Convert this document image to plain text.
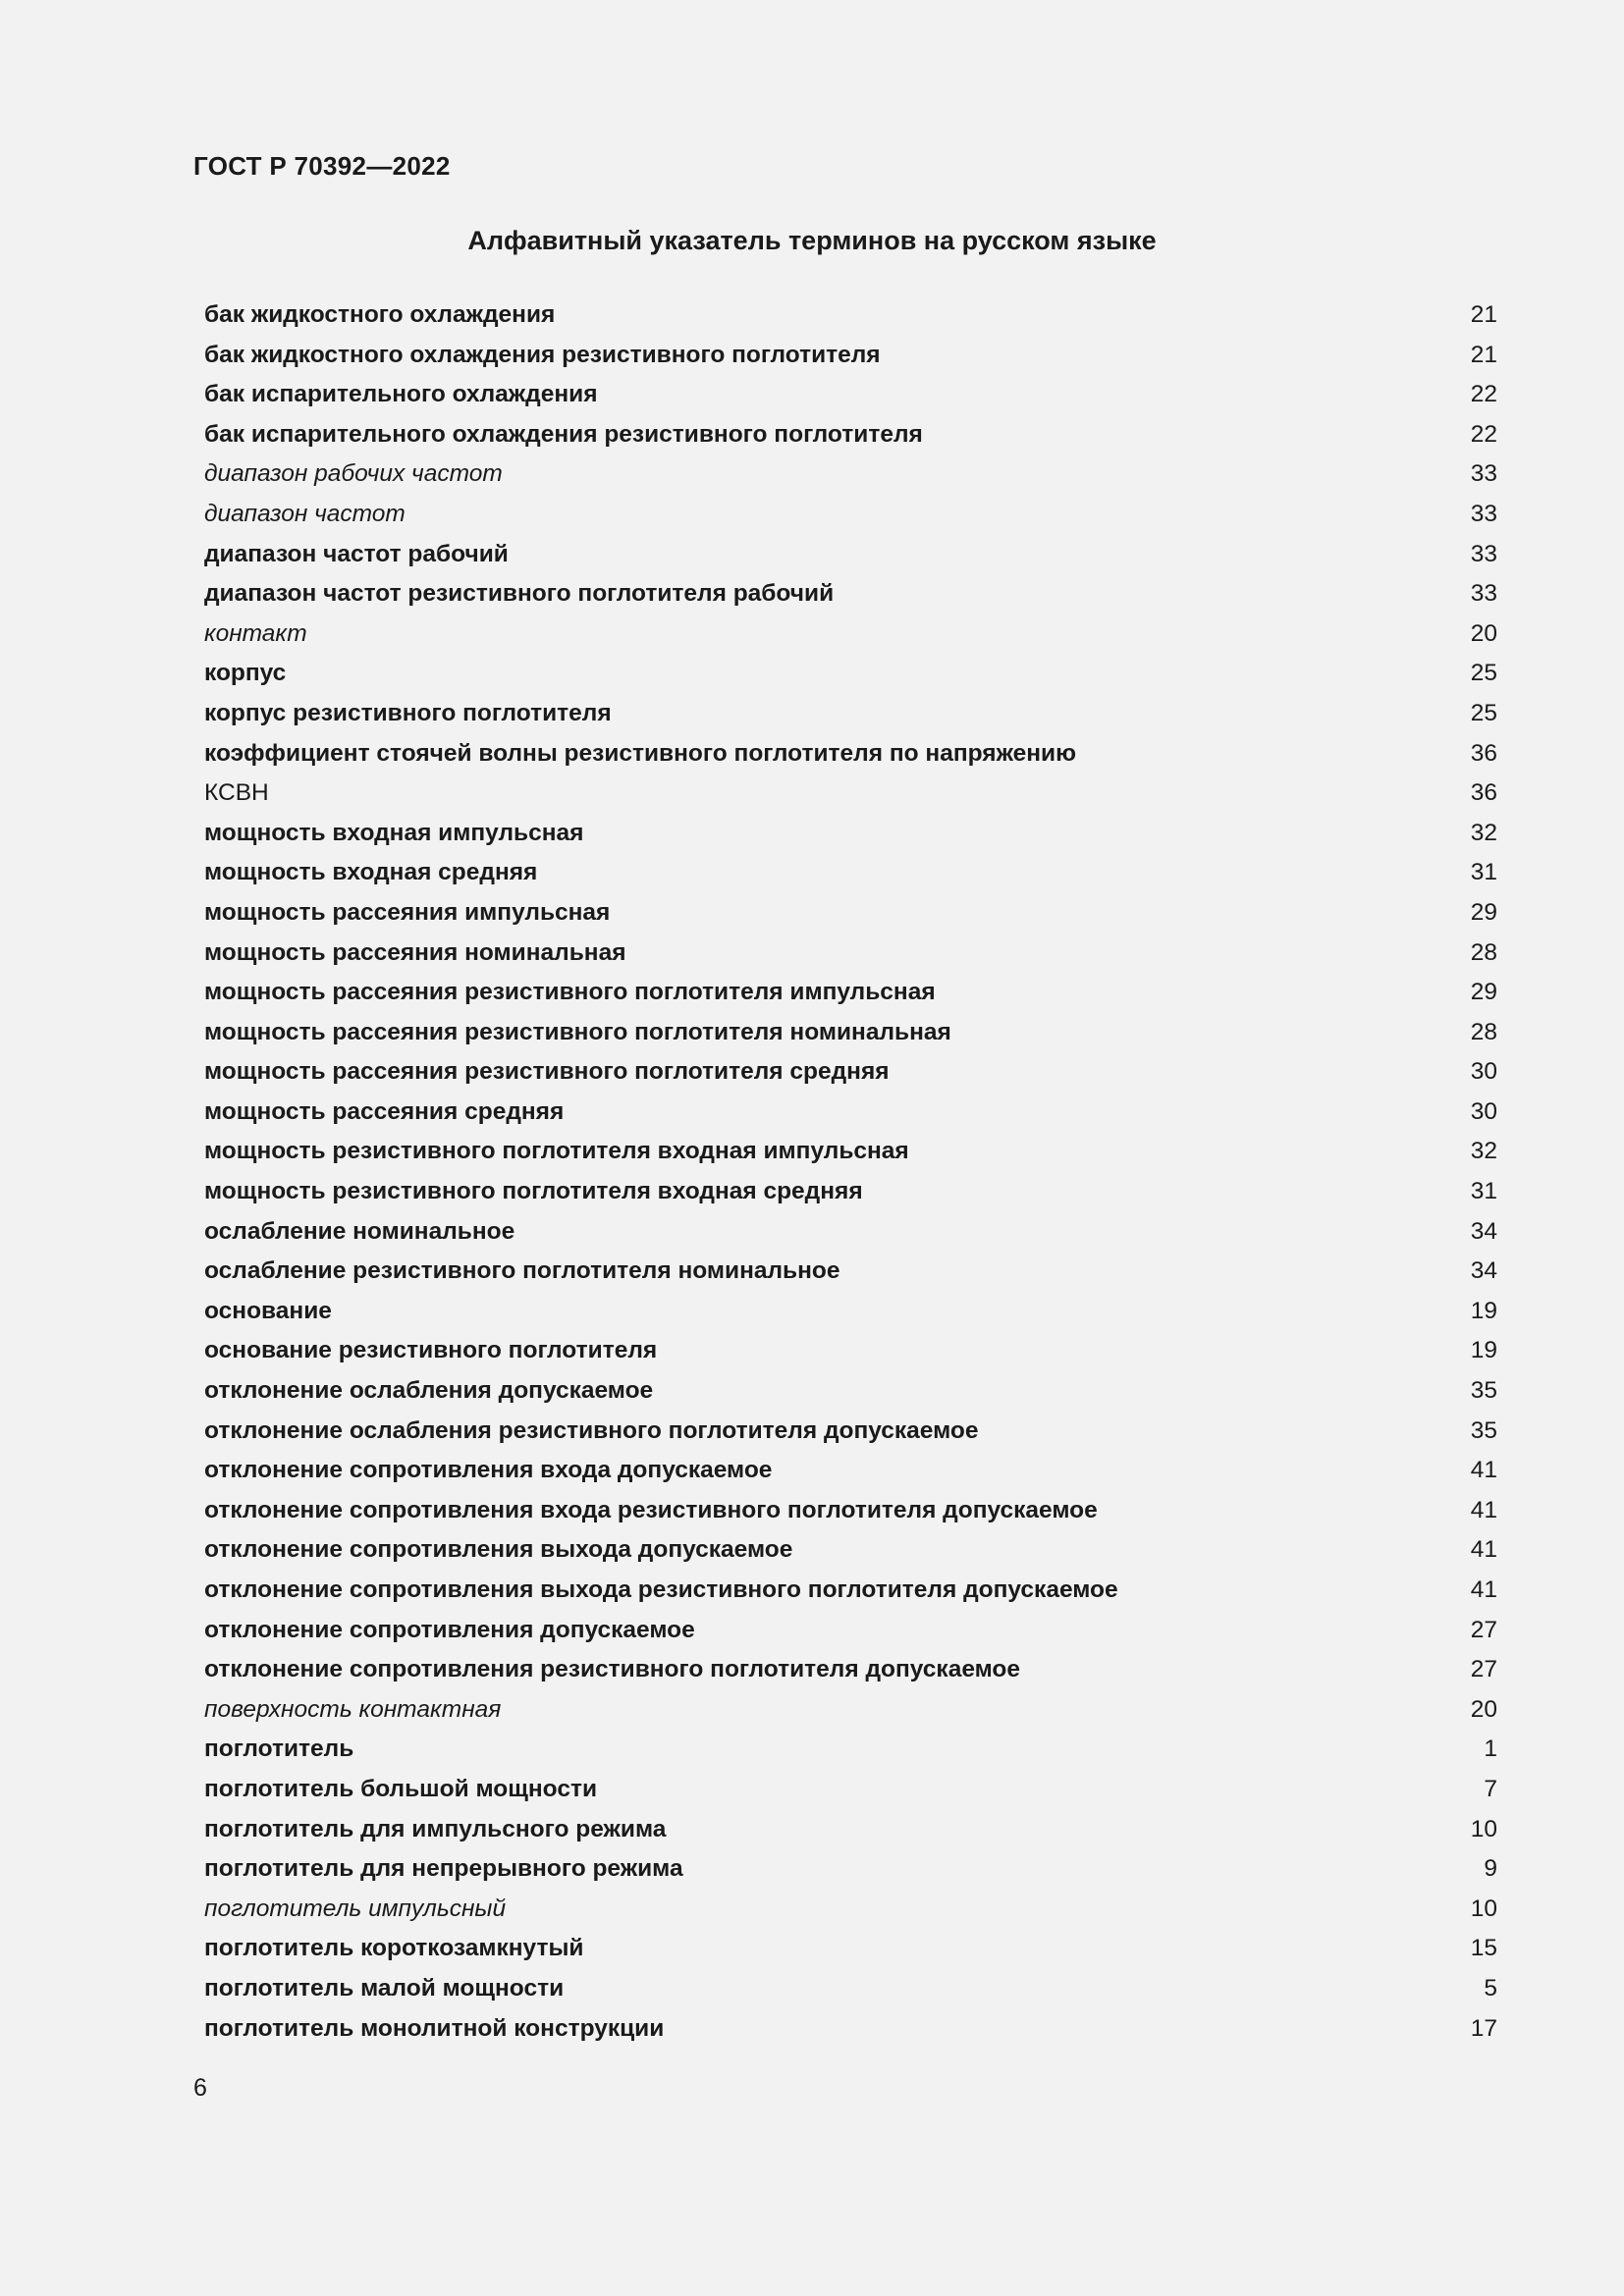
ГОСТ Р 70392—2022
Алфавитный указатель терминов на русском языке
бак жидкостного охлаждения	21
бак жидкостного охлаждения резистивного поглотителя	21
бак испарительного охлаждения	22
бак испарительного охлаждения резистивного поглотителя	22
диапазон рабочих частот	33
диапазон частот	33
диапазон частот рабочий	33
диапазон частот резистивного поглотителя рабочий	33
контакт	20
корпус	25
корпус резистивного поглотителя	25
коэффициент стоячей волны резистивного поглотителя по напряжению	36
КСВН	36
мощность входная импульсная	32
мощность входная средняя	31
мощность рассеяния импульсная	29
мощность рассеяния номинальная	28
мощность рассеяния резистивного поглотителя импульсная	29
мощность рассеяния резистивного поглотителя номинальная	28
мощность рассеяния резистивного поглотителя средняя	30
мощность рассеяния средняя	30
мощность резистивного поглотителя входная импульсная	32
мощность резистивного поглотителя входная средняя	31
ослабление номинальное	34
ослабление резистивного поглотителя номинальное	34
основание	19
основание резистивного поглотителя	19
отклонение ослабления допускаемое	35
отклонение ослабления резистивного поглотителя допускаемое	35
отклонение сопротивления входа допускаемое	41
отклонение сопротивления входа резистивного поглотителя допускаемое	41
отклонение сопротивления выхода допускаемое	41
отклонение сопротивления выхода резистивного поглотителя допускаемое	41
отклонение сопротивления допускаемое	27
отклонение сопротивления резистивного поглотителя допускаемое	27
поверхность контактная	20
поглотитель	1
поглотитель большой мощности	7
поглотитель для импульсного режима	10
поглотитель для непрерывного режима	9
поглотитель импульсный	10
поглотитель короткозамкнутый	15
поглотитель малой мощности	5
поглотитель монолитной конструкции	17
6
